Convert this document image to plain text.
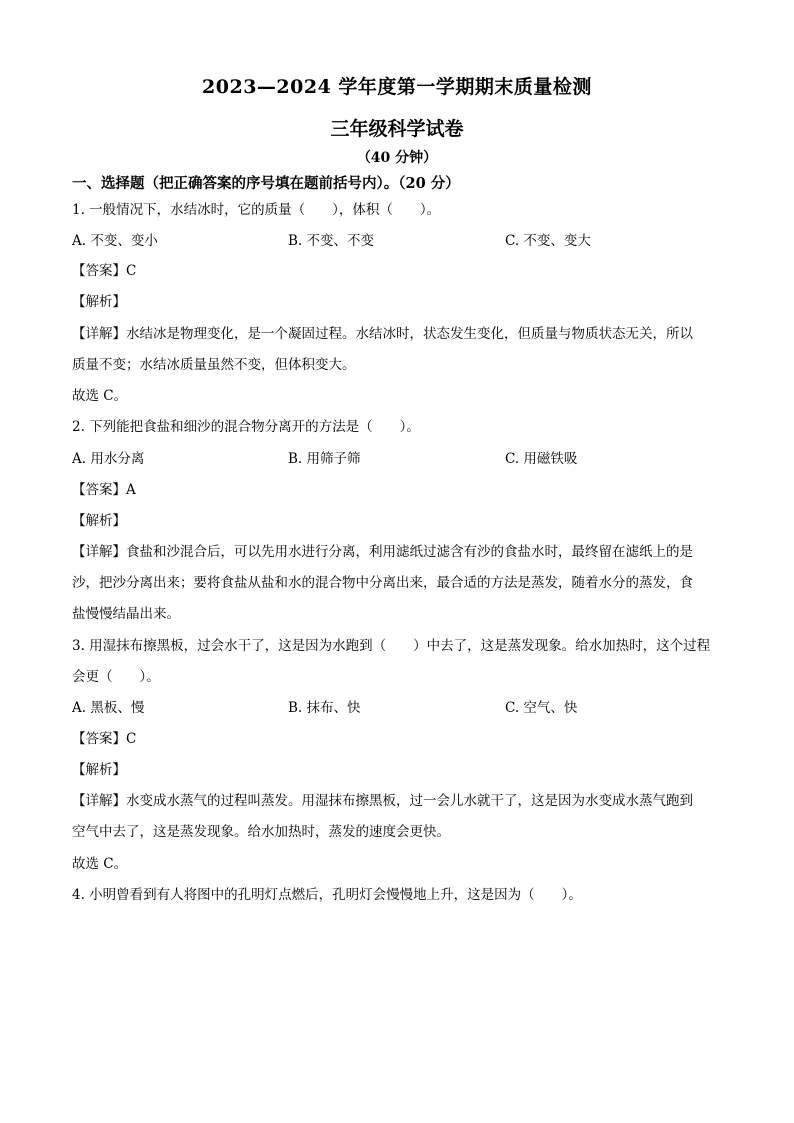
2023—2024 学年度第一学期期末质量检测
三年级科学试卷
（40 分钟）
一、选择题（把正确答案的序号填在题前括号内）。（20 分）
1. 一般情况下，水结冰时，它的质量（　　），体积（　　）。
A. 不变、变小	B. 不变、不变	C. 不变、变大
【答案】C
【解析】
【详解】水结冰是物理变化，是一个凝固过程。水结冰时，状态发生变化，但质量与物质状态无关，所以
质量不变；水结冰质量虽然不变，但体积变大。
故选 C。
2. 下列能把食盐和细沙的混合物分离开的方法是（　　）。
A. 用水分离	B. 用筛子筛	C. 用磁铁吸
【答案】A
【解析】
【详解】食盐和沙混合后，可以先用水进行分离，利用滤纸过滤含有沙的食盐水时，最终留在滤纸上的是
沙，把沙分离出来；要将食盐从盐和水的混合物中分离出来，最合适的方法是蒸发，随着水分的蒸发，食
盐慢慢结晶出来。
3. 用湿抹布擦黑板，过会水干了，这是因为水跑到（　　）中去了，这是蒸发现象。给水加热时，这个过程
会更（　　）。
A. 黑板、慢	B. 抹布、快	C. 空气、快
【答案】C
【解析】
【详解】水变成水蒸气的过程叫蒸发。用湿抹布擦黑板，过一会儿水就干了，这是因为水变成水蒸气跑到
空气中去了，这是蒸发现象。给水加热时，蒸发的速度会更快。
故选 C。
4. 小明曾看到有人将图中的孔明灯点燃后，孔明灯会慢慢地上升，这是因为（　　）。
